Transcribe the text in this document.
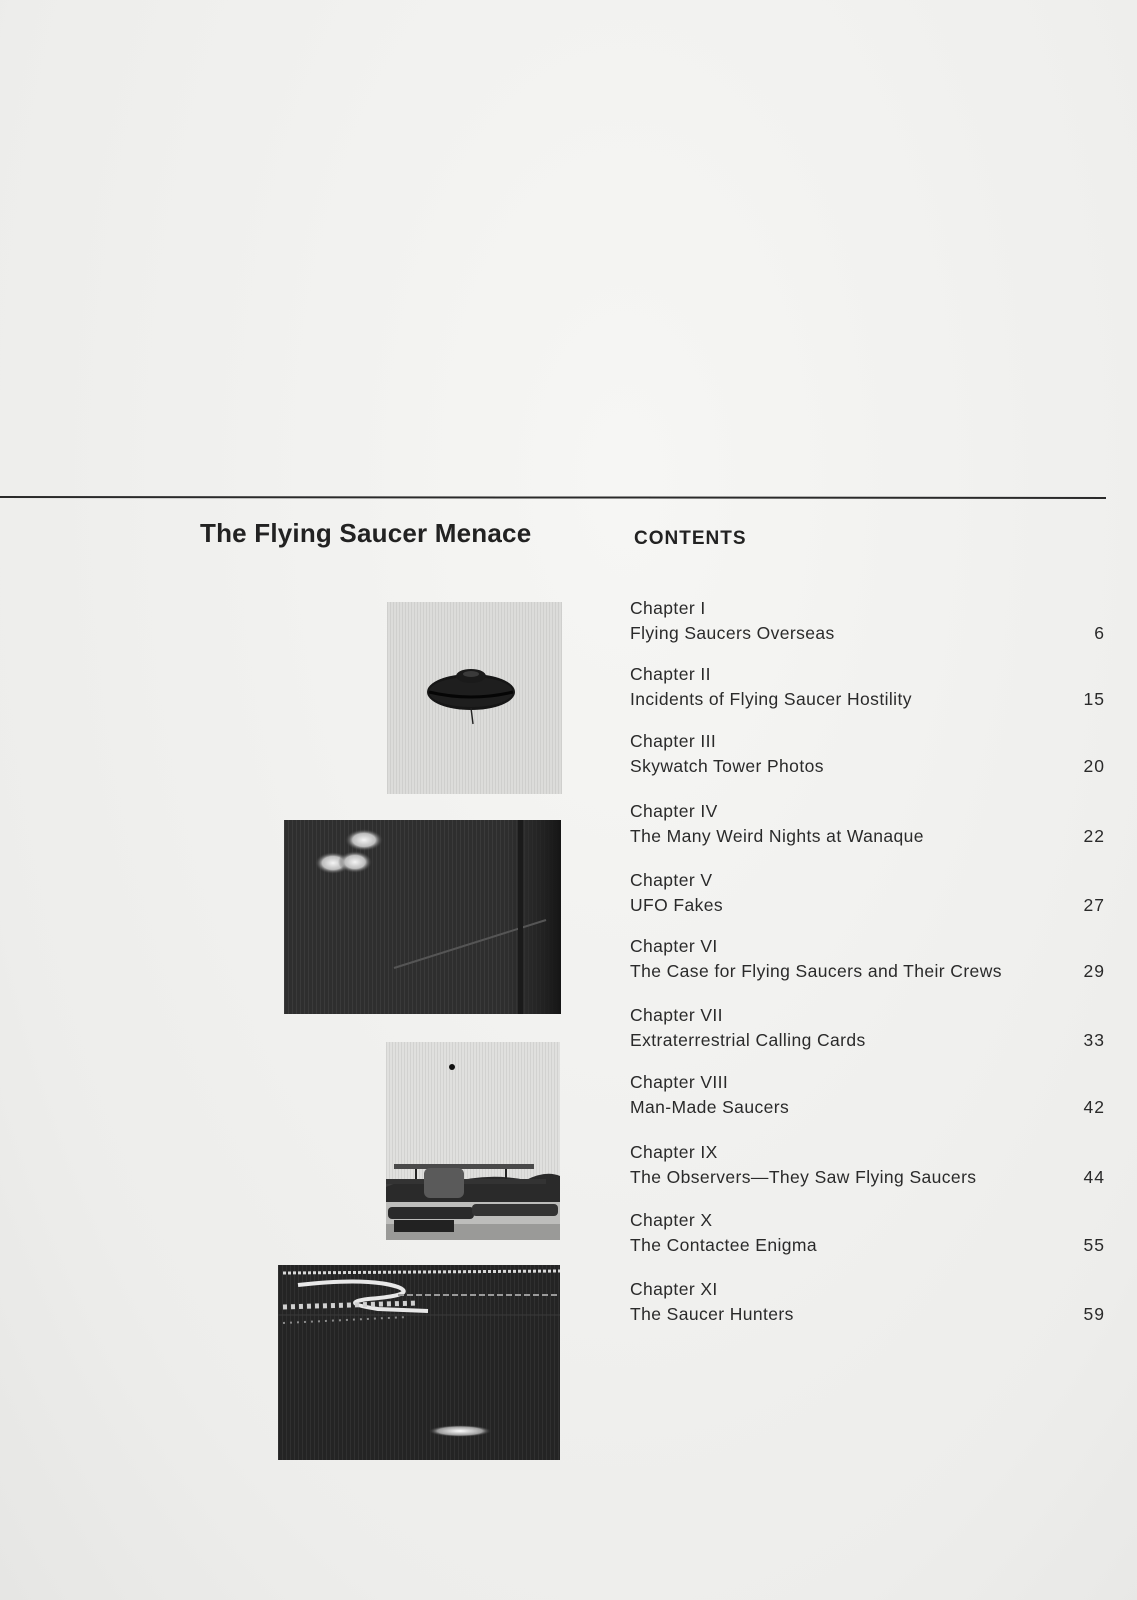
The Flying Saucer Menace	CONTENTS
Chapter I
Flying Saucers Overseas	6
Chapter II
Incidents of Flying Saucer Hostility	15
Chapter III
Skywatch Tower Photos	20
Chapter IV
The Many Weird Nights at Wanaque	22
Chapter V
UFO Fakes	27
Chapter VI
The Case for Flying Saucers and Their Crews	29
Chapter VII
Extraterrestrial Calling Cards	33
Chapter VIII
Man-Made Saucers	42
Chapter IX
The Observers—They Saw Flying Saucers	44
Chapter X
The Contactee Enigma	55
Chapter XI
The Saucer Hunters	59
